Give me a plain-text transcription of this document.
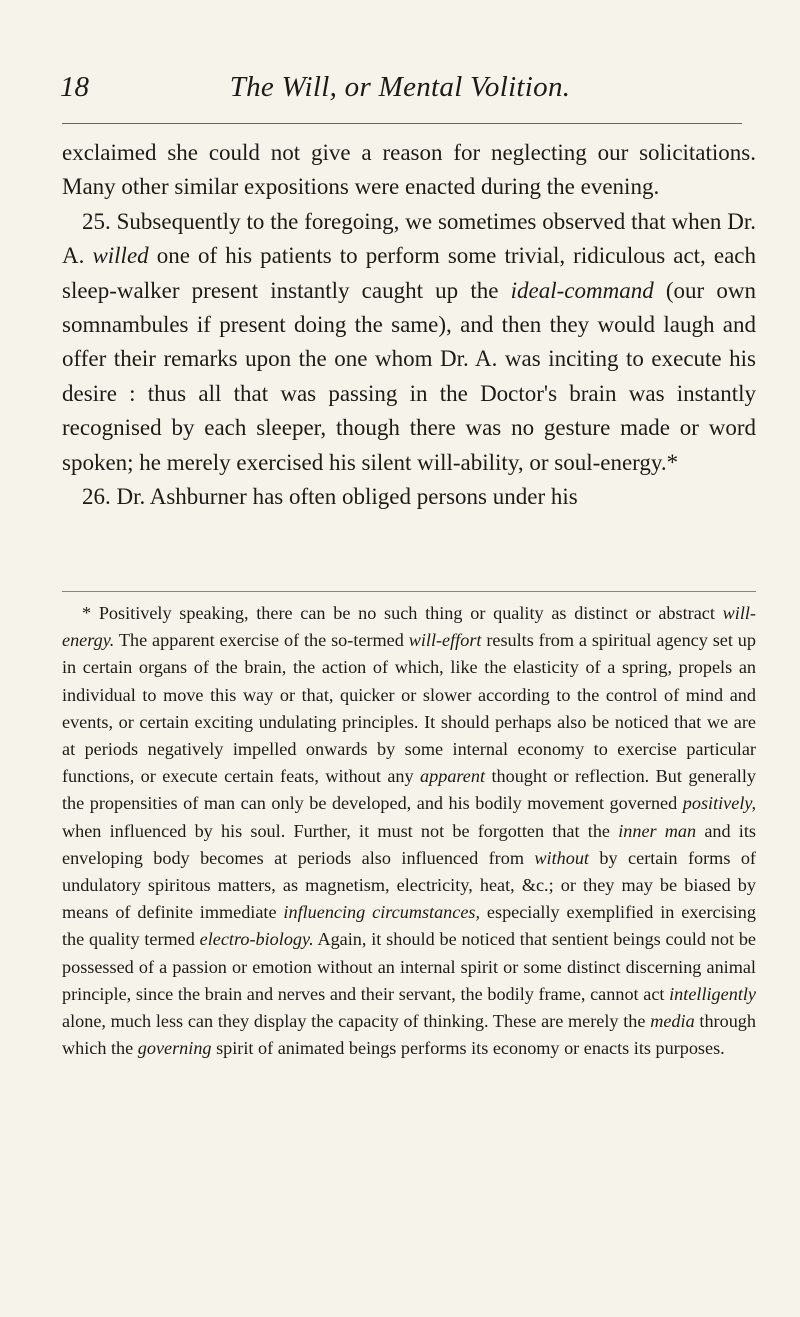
18	The Will, or Mental Volition.

exclaimed she could not give a reason for neglecting our solicitations. Many other similar expositions were enacted during the evening.

25. Subsequently to the foregoing, we sometimes observed that when Dr. A. willed one of his patients to perform some trivial, ridiculous act, each sleep-walker present instantly caught up the ideal-command (our own somnambules if present doing the same), and then they would laugh and offer their remarks upon the one whom Dr. A. was inciting to execute his desire : thus all that was passing in the Doctor's brain was instantly recognised by each sleeper, though there was no gesture made or word spoken; he merely exercised his silent will-ability, or soul-energy.*

26. Dr. Ashburner has often obliged persons under his

* Positively speaking, there can be no such thing or quality as distinct or abstract will-energy. The apparent exercise of the so-termed will-effort results from a spiritual agency set up in certain organs of the brain, the action of which, like the elasticity of a spring, propels an individual to move this way or that, quicker or slower according to the control of mind and events, or certain exciting undulating principles. It should perhaps also be noticed that we are at periods negatively impelled onwards by some internal economy to exercise particular functions, or execute certain feats, without any apparent thought or reflection. But generally the propensities of man can only be developed, and his bodily movement governed positively, when influenced by his soul. Further, it must not be forgotten that the inner man and its enveloping body becomes at periods also influenced from without by certain forms of undulatory spiritous matters, as magnetism, electricity, heat, &c.; or they may be biased by means of definite immediate influencing circumstances, especially exemplified in exercising the quality termed electro-biology. Again, it should be noticed that sentient beings could not be possessed of a passion or emotion without an internal spirit or some distinct discerning animal principle, since the brain and nerves and their servant, the bodily frame, cannot act intelligently alone, much less can they display the capacity of thinking. These are merely the media through which the governing spirit of animated beings performs its economy or enacts its purposes.
